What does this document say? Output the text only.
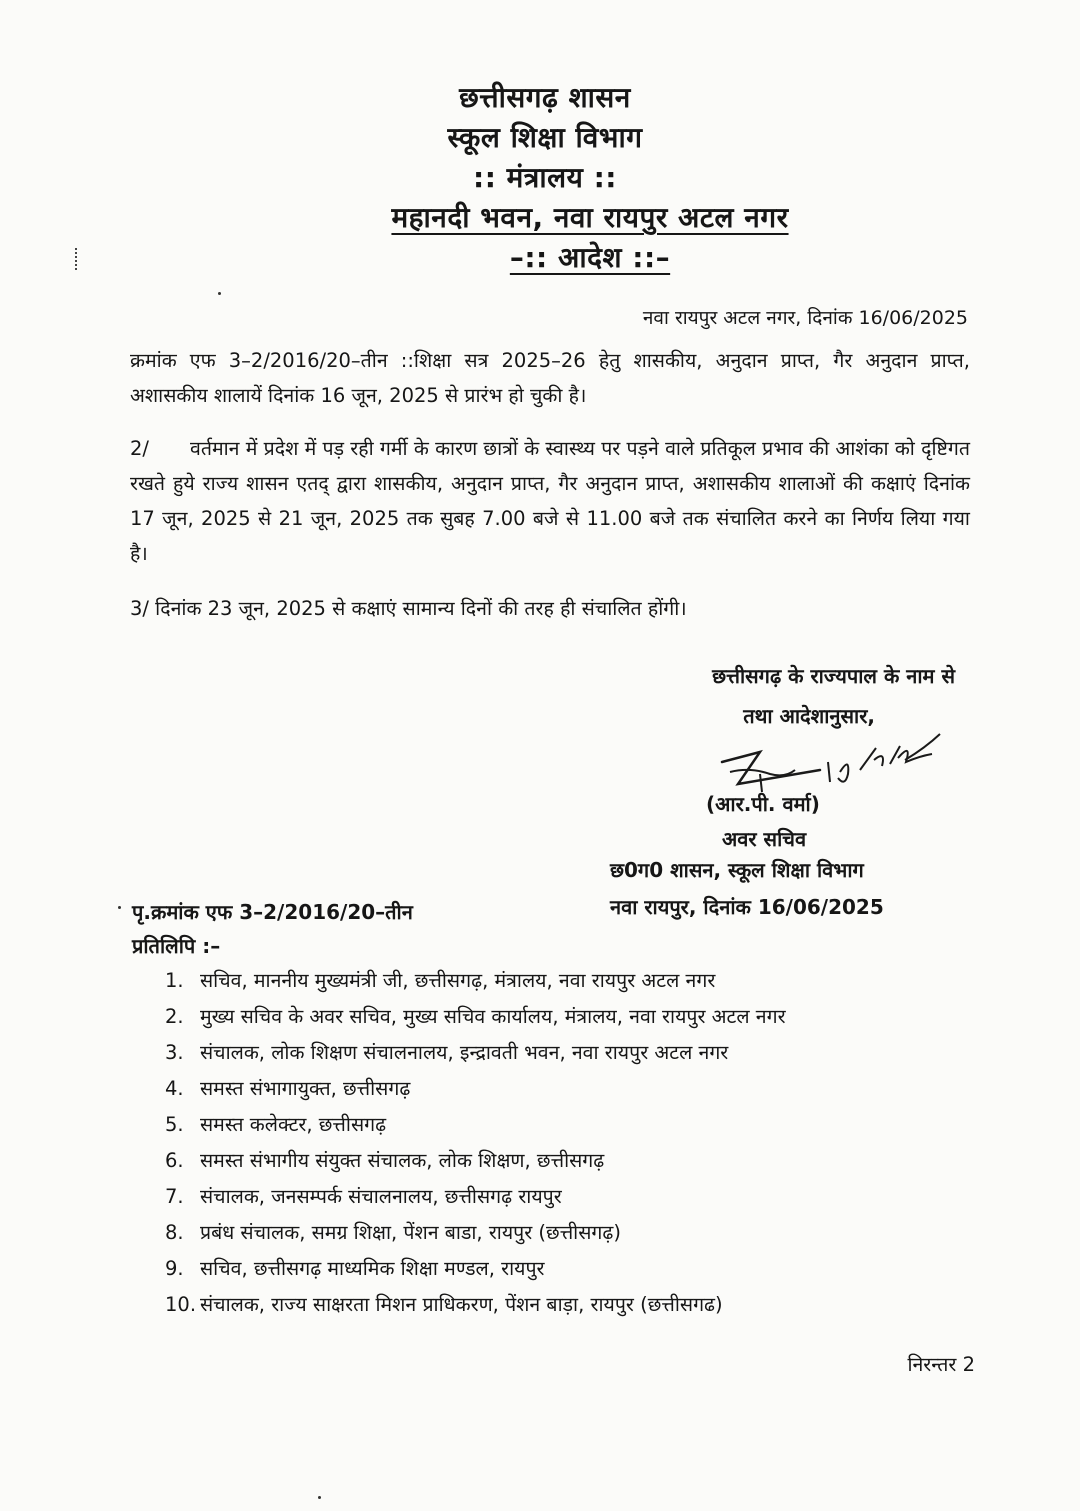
छत्तीसगढ़ शासन
स्कूल शिक्षा विभाग
:: मंत्रालय ::
महानदी भवन, नवा रायपुर अटल नगर
–:: आदेश ::–
नवा रायपुर अटल नगर, दिनांक 16/06/2025
क्रमांक एफ 3–2/2016/20–तीन ::शिक्षा सत्र 2025–26 हेतु शासकीय, अनुदान प्राप्त, गैर अनुदान प्राप्त, अशासकीय शालायें दिनांक 16 जून, 2025 से प्रारंभ हो चुकी है।
2/ वर्तमान में प्रदेश में पड़ रही गर्मी के कारण छात्रों के स्वास्थ्य पर पड़ने वाले प्रतिकूल प्रभाव की आशंका को दृष्टिगत रखते हुये राज्य शासन एतद् द्वारा शासकीय, अनुदान प्राप्त, गैर अनुदान प्राप्त, अशासकीय शालाओं की कक्षाएं दिनांक 17 जून, 2025 से 21 जून, 2025 तक सुबह 7.00 बजे से 11.00 बजे तक संचालित करने का निर्णय लिया गया है।
3/ दिनांक 23 जून, 2025 से कक्षाएं सामान्य दिनों की तरह ही संचालित होंगी।
छत्तीसगढ़ के राज्यपाल के नाम से
तथा आदेशानुसार,
(आर.पी. वर्मा)
अवर सचिव
छ0ग0 शासन, स्कूल शिक्षा विभाग
नवा रायपुर, दिनांक 16/06/2025
पृ.क्रमांक एफ 3–2/2016/20–तीन
प्रतिलिपि :–
1. सचिव, माननीय मुख्यमंत्री जी, छत्तीसगढ़, मंत्रालय, नवा रायपुर अटल नगर
2. मुख्य सचिव के अवर सचिव, मुख्य सचिव कार्यालय, मंत्रालय, नवा रायपुर अटल नगर
3. संचालक, लोक शिक्षण संचालनालय, इन्द्रावती भवन, नवा रायपुर अटल नगर
4. समस्त संभागायुक्त, छत्तीसगढ़
5. समस्त कलेक्टर, छत्तीसगढ़
6. समस्त संभागीय संयुक्त संचालक, लोक शिक्षण, छत्तीसगढ़
7. संचालक, जनसम्पर्क संचालनालय, छत्तीसगढ़ रायपुर
8. प्रबंध संचालक, समग्र शिक्षा, पेंशन बाडा, रायपुर (छत्तीसगढ़)
9. सचिव, छत्तीसगढ़ माध्यमिक शिक्षा मण्डल, रायपुर
10. संचालक, राज्य साक्षरता मिशन प्राधिकरण, पेंशन बाड़ा, रायपुर (छत्तीसगढ)
निरन्तर 2
